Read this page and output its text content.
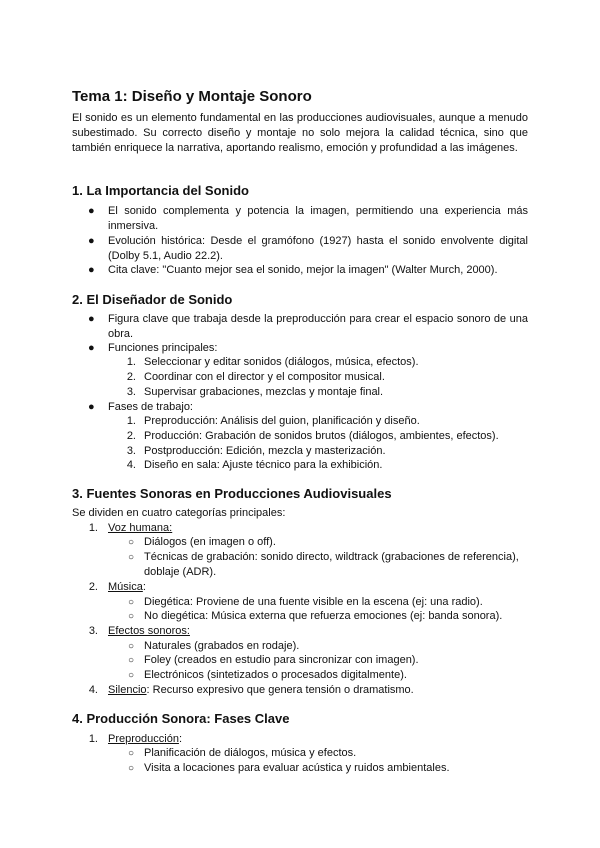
Tema 1: Diseño y Montaje Sonoro

El sonido es un elemento fundamental en las producciones audiovisuales, aunque a menudo subestimado. Su correcto diseño y montaje no solo mejora la calidad técnica, sino que también enriquece la narrativa, aportando realismo, emoción y profundidad a las imágenes.

1. La Importancia del Sonido
● El sonido complementa y potencia la imagen, permitiendo una experiencia más inmersiva.
● Evolución histórica: Desde el gramófono (1927) hasta el sonido envolvente digital (Dolby 5.1, Audio 22.2).
● Cita clave: "Cuanto mejor sea el sonido, mejor la imagen" (Walter Murch, 2000).
2. El Diseñador de Sonido
● Figura clave que trabaja desde la preproducción para crear el espacio sonoro de una obra.
● Funciones principales:
1. Seleccionar y editar sonidos (diálogos, música, efectos).
2. Coordinar con el director y el compositor musical.
3. Supervisar grabaciones, mezclas y montaje final.
● Fases de trabajo:
1. Preproducción: Análisis del guion, planificación y diseño.
2. Producción: Grabación de sonidos brutos (diálogos, ambientes, efectos).
3. Postproducción: Edición, mezcla y masterización.
4. Diseño en sala: Ajuste técnico para la exhibición.
3. Fuentes Sonoras en Producciones Audiovisuales
Se dividen en cuatro categorías principales:
1. Voz humana:
○ Diálogos (en imagen o off).
○ Técnicas de grabación: sonido directo, wildtrack (grabaciones de referencia), doblaje (ADR).
2. Música:
○ Diegética: Proviene de una fuente visible en la escena (ej: una radio).
○ No diegética: Música externa que refuerza emociones (ej: banda sonora).
3. Efectos sonoros:
○ Naturales (grabados en rodaje).
○ Foley (creados en estudio para sincronizar con imagen).
○ Electrónicos (sintetizados o procesados digitalmente).
4. Silencio: Recurso expresivo que genera tensión o dramatismo.
4. Producción Sonora: Fases Clave
1. Preproducción:
○ Planificación de diálogos, música y efectos.
○ Visita a locaciones para evaluar acústica y ruidos ambientales.
